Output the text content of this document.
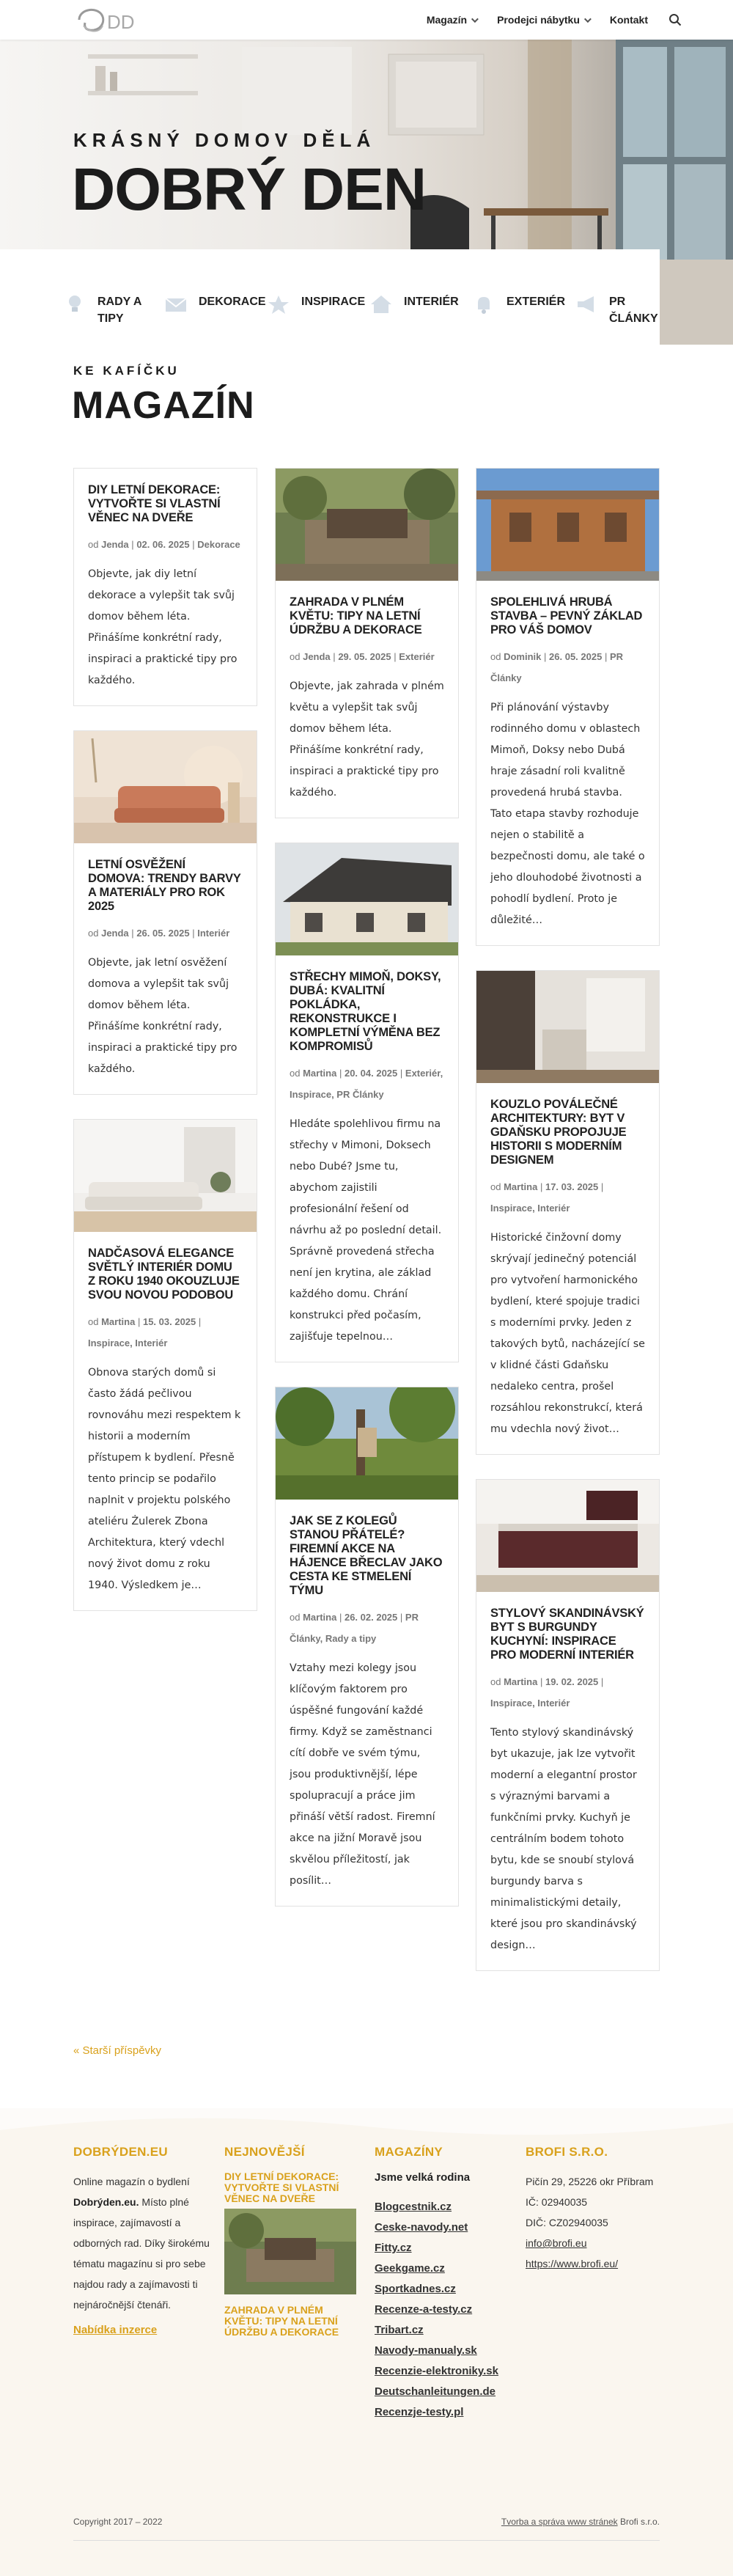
DD	Magazín	Prodejci nábytku	Kontakt
KRÁSNÝ DOMOV DĚLÁ
DOBRÝ DEN
RADY A TIPY
DEKORACE	INSPIRACE	INTERIÉR	EXTERIÉR	PR ČLÁNKY
KE KAFÍČKU
MAGAZÍN
DIY LETNÍ DEKORACE: VYTVOŘTE SI VLASTNÍ VĚNEC NA DVEŘE
od Jenda | 02. 06. 2025 | Dekorace
Objevte, jak diy letní dekorace a vylepšit tak svůj domov během léta. Přinášíme konkrétní rady, inspiraci a praktické tipy pro každého.
LETNÍ OSVĚŽENÍ DOMOVA: TRENDY BARVY A MATERIÁLY PRO ROK 2025
od Jenda | 26. 05. 2025 | Interiér
Objevte, jak letní osvěžení domova a vylepšit tak svůj domov během léta. Přinášíme konkrétní rady, inspiraci a praktické tipy pro každého.
NADČASOVÁ ELEGANCE SVĚTLÝ INTERIÉR DOMU Z ROKU 1940 OKOUZLUJE SVOU NOVOU PODOBOU
od Martina | 15. 03. 2025 | Inspirace, Interiér
Obnova starých domů si často žádá pečlivou rovnováhu mezi respektem k historii a moderním přístupem k bydlení. Přesně tento princip se podařilo naplnit v projektu polského ateliéru Żulerek Zbona Architektura, který vdechl nový život domu z roku 1940. Výsledkem je…
ZAHRADA V PLNÉM KVĚTU: TIPY NA LETNÍ ÚDRŽBU A DEKORACE
od Jenda | 29. 05. 2025 | Exteriér
Objevte, jak zahrada v plném květu a vylepšit tak svůj domov během léta. Přinášíme konkrétní rady, inspiraci a praktické tipy pro každého.
STŘECHY MIMOŇ, DOKSY, DUBÁ: KVALITNÍ POKLÁDKA, REKONSTRUKCE I KOMPLETNÍ VÝMĚNA BEZ KOMPROMISŮ
od Martina | 20. 04. 2025 | Exteriér, Inspirace, PR Články
Hledáte spolehlivou firmu na střechy v Mimoni, Doksech nebo Dubé? Jsme tu, abychom zajistili profesionální řešení od návrhu až po poslední detail. Správně provedená střecha není jen krytina, ale základ každého domu. Chrání konstrukci před počasím, zajišťuje tepelnou…
JAK SE Z KOLEGŮ STANOU PŘÁTELÉ? FIREMNÍ AKCE NA HÁJENCE BŘECLAV JAKO CESTA KE STMELENÍ TÝMU
od Martina | 26. 02. 2025 | PR Články, Rady a tipy
Vztahy mezi kolegy jsou klíčovým faktorem pro úspěšné fungování každé firmy. Když se zaměstnanci cítí dobře ve svém týmu, jsou produktivnější, lépe spolupracují a práce jim přináší větší radost. Firemní akce na jižní Moravě jsou skvělou příležitostí, jak posílit…
SPOLEHLIVÁ HRUBÁ STAVBA – PEVNÝ ZÁKLAD PRO VÁŠ DOMOV
od Dominik | 26. 05. 2025 | PR Články
Při plánování výstavby rodinného domu v oblastech Mimoň, Doksy nebo Dubá hraje zásadní roli kvalitně provedená hrubá stavba. Tato etapa stavby rozhoduje nejen o stabilitě a bezpečnosti domu, ale také o jeho dlouhodobé životnosti a pohodlí bydlení. Proto je důležité…
KOUZLO POVÁLEČNÉ ARCHITEKTURY: BYT V GDAŇSKU PROPOJUJE HISTORII S MODERNÍM DESIGNEM
od Martina | 17. 03. 2025 | Inspirace, Interiér
Historické činžovní domy skrývají jedinečný potenciál pro vytvoření harmonického bydlení, které spojuje tradici s moderními prvky. Jeden z takových bytů, nacházející se v klidné části Gdaňsku nedaleko centra, prošel rozsáhlou rekonstrukcí, která mu vdechla nový život…
STYLOVÝ SKANDINÁVSKÝ BYT S BURGUNDY KUCHYNÍ: INSPIRACE PRO MODERNÍ INTERIÉR
od Martina | 19. 02. 2025 | Inspirace, Interiér
Tento stylový skandinávský byt ukazuje, jak lze vytvořit moderní a elegantní prostor s výraznými barvami a funkčními prvky. Kuchyň je centrálním bodem tohoto bytu, kde se snoubí stylová burgundy barva s minimalistickými detaily, které jsou pro skandinávský design…
« Starší příspěvky
DOBRÝDEN.EU
Online magazín o bydlení Dobrýden.eu. Místo plné inspirace, zajímavostí a odborných rad. Díky širokému tématu magazínu si pro sebe najdou rady a zajímavosti ti nejnáročnější čtenáři.
Nabídka inzerce
NEJNOVĚJŠÍ
DIY LETNÍ DEKORACE: VYTVOŘTE SI VLASTNÍ VĚNEC NA DVEŘE
ZAHRADA V PLNÉM KVĚTU: TIPY NA LETNÍ ÚDRŽBU A DEKORACE
MAGAZÍNY
Jsme velká rodina
Blogcestnik.cz
Ceske-navody.net
Fitty.cz
Geekgame.cz
Sportkadnes.cz
Recenze-a-testy.cz
Tribart.cz
Navody-manualy.sk
Recenzie-elektroniky.sk
Deutschanleitungen.de
Recenzje-testy.pl
BROFI S.R.O.
Pičín 29, 25226 okr Příbram
IČ: 02940035
DIČ: CZ02940035
info@brofi.eu
https://www.brofi.eu/
Copyright 2017 – 2022	Tvorba a správa www stránek Brofi s.r.o.
